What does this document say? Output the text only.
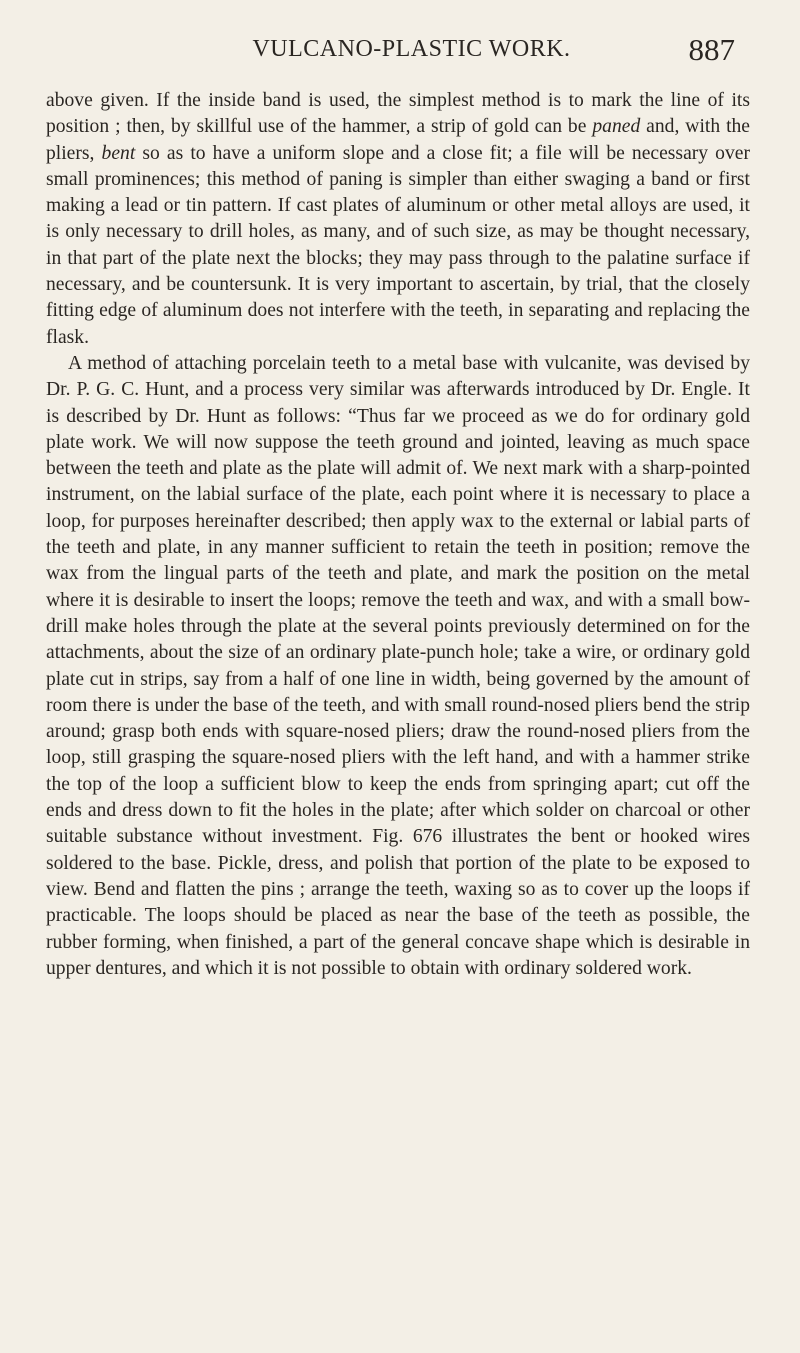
VULCANO-PLASTIC WORK.	887

above given. If the inside band is used, the simplest method is to mark the line of its position ; then, by skillful use of the hammer, a strip of gold can be paned and, with the pliers, bent so as to have a uniform slope and a close fit; a file will be necessary over small prominences; this method of paning is simpler than either swaging a band or first making a lead or tin pattern. If cast plates of aluminum or other metal alloys are used, it is only necessary to drill holes, as many, and of such size, as may be thought necessary, in that part of the plate next the blocks; they may pass through to the palatine surface if necessary, and be countersunk. It is very important to ascertain, by trial, that the closely fitting edge of aluminum does not interfere with the teeth, in separating and replacing the flask.

A method of attaching porcelain teeth to a metal base with vulcanite, was devised by Dr. P. G. C. Hunt, and a process very similar was afterwards introduced by Dr. Engle. It is described by Dr. Hunt as follows: “Thus far we proceed as we do for ordinary gold plate work. We will now suppose the teeth ground and jointed, leaving as much space between the teeth and plate as the plate will admit of. We next mark with a sharp-pointed instrument, on the labial surface of the plate, each point where it is necessary to place a loop, for purposes hereinafter described; then apply wax to the external or labial parts of the teeth and plate, in any manner sufficient to retain the teeth in position; remove the wax from the lingual parts of the teeth and plate, and mark the position on the metal where it is desirable to insert the loops; remove the teeth and wax, and with a small bow-drill make holes through the plate at the several points previously determined on for the attachments, about the size of an ordinary plate-punch hole; take a wire, or ordinary gold plate cut in strips, say from a half of one line in width, being governed by the amount of room there is under the base of the teeth, and with small round-nosed pliers bend the strip around; grasp both ends with square-nosed pliers; draw the round-nosed pliers from the loop, still grasping the square-nosed pliers with the left hand, and with a hammer strike the top of the loop a sufficient blow to keep the ends from springing apart; cut off the ends and dress down to fit the holes in the plate; after which solder on charcoal or other suitable substance without investment. Fig. 676 illustrates the bent or hooked wires soldered to the base. Pickle, dress, and polish that portion of the plate to be exposed to view. Bend and flatten the pins ; arrange the teeth, waxing so as to cover up the loops if practicable. The loops should be placed as near the base of the teeth as possible, the rubber forming, when finished, a part of the general concave shape which is desirable in upper dentures, and which it is not possible to obtain with ordinary soldered work.
